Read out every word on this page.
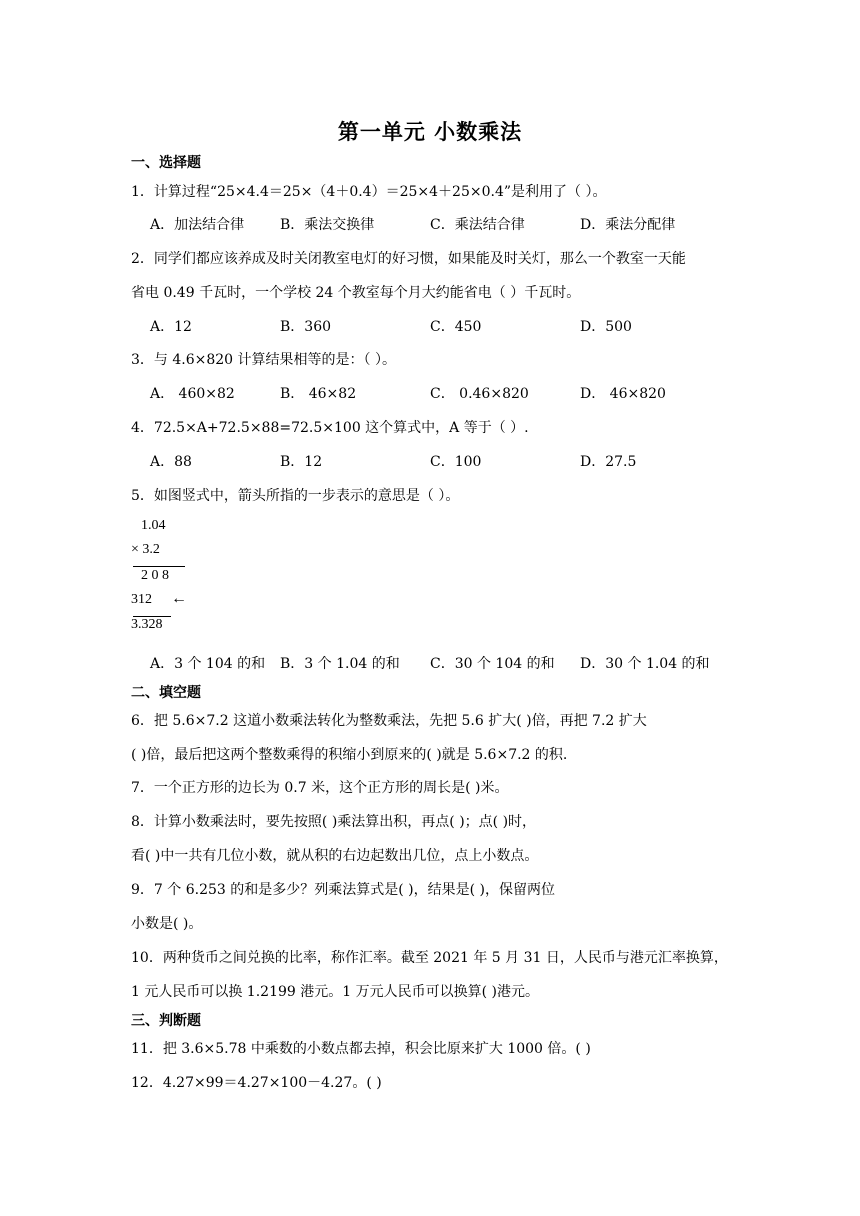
第一单元 小数乘法
一、选择题
1．计算过程“25×4.4＝25×（4＋0.4）＝25×4＋25×0.4”是利用了（ ）。
A．加法结合律	B．乘法交换律	C．乘法结合律	D．乘法分配律
2．同学们都应该养成及时关闭教室电灯的好习惯，如果能及时关灯，那么一个教室一天能
省电 0.49 千瓦时，一个学校 24 个教室每个月大约能省电（ ）千瓦时。
A．12	B．360	C．450	D．500
3．与 4.6×820 计算结果相等的是：（ ）。
A． 460×82	B． 46×82	C． 0.46×820	D． 46×820
4．72.5×A+72.5×88=72.5×100 这个算式中，A 等于（ ）.
A．88	B．12	C．100	D．27.5
5．如图竖式中，箭头所指的一步表示的意思是（ ）。
1.04
× 3.2
2 0 8
312 ←
3.328
A．3 个 104 的和 B．3 个 1.04 的和 C．30 个 104 的和 D．30 个 1.04 的和
二、填空题
6．把 5.6×7.2 这道小数乘法转化为整数乘法，先把 5.6 扩大( )倍，再把 7.2 扩大
( )倍，最后把这两个整数乘得的积缩小到原来的( )就是 5.6×7.2 的积.
7．一个正方形的边长为 0.7 米，这个正方形的周长是( )米。
8．计算小数乘法时，要先按照( )乘法算出积，再点( )；点( )时，
看( )中一共有几位小数，就从积的右边起数出几位，点上小数点。
9．7 个 6.253 的和是多少？列乘法算式是( )，结果是( )，保留两位
小数是( )。
10．两种货币之间兑换的比率，称作汇率。截至 2021 年 5 月 31 日，人民币与港元汇率换算，
1 元人民币可以换 1.2199 港元。1 万元人民币可以换算( )港元。
三、判断题
11．把 3.6×5.78 中乘数的小数点都去掉，积会比原来扩大 1000 倍。( )
12．4.27×99＝4.27×100－4.27。( )
